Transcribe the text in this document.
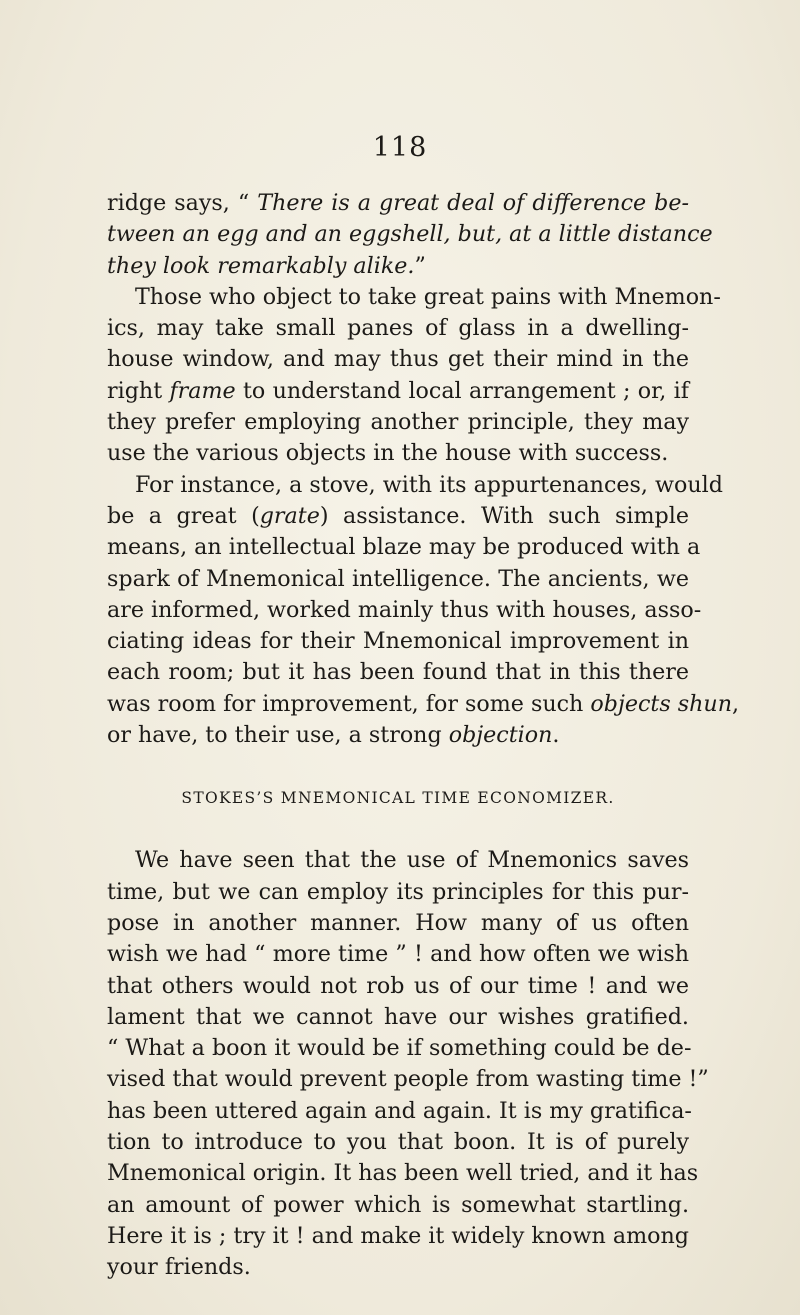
118
ridge says, “ There is a great deal of difference be-
tween an egg and an eggshell, but, at a little distance
they look remarkably alike.”
Those who object to take great pains with Mnemon-
ics, may take small panes of glass in a dwelling-
house window, and may thus get their mind in the
right frame to understand local arrangement ; or, if
they prefer employing another principle, they may
use the various objects in the house with success.
For instance, a stove, with its appurtenances, would
be a great (grate) assistance. With such simple
means, an intellectual blaze may be produced with a
spark of Mnemonical intelligence. The ancients, we
are informed, worked mainly thus with houses, asso-
ciating ideas for their Mnemonical improvement in
each room; but it has been found that in this there
was room for improvement, for some such objects shun,
or have, to their use, a strong objection.
STOKES’S MNEMONICAL TIME ECONOMIZER.
We have seen that the use of Mnemonics saves
time, but we can employ its principles for this pur-
pose in another manner. How many of us often
wish we had “ more time ” ! and how often we wish
that others would not rob us of our time ! and we
lament that we cannot have our wishes gratified.
“ What a boon it would be if something could be de-
vised that would prevent people from wasting time !”
has been uttered again and again. It is my gratifica-
tion to introduce to you that boon. It is of purely
Mnemonical origin. It has been well tried, and it has
an amount of power which is somewhat startling.
Here it is ; try it ! and make it widely known among
your friends.
